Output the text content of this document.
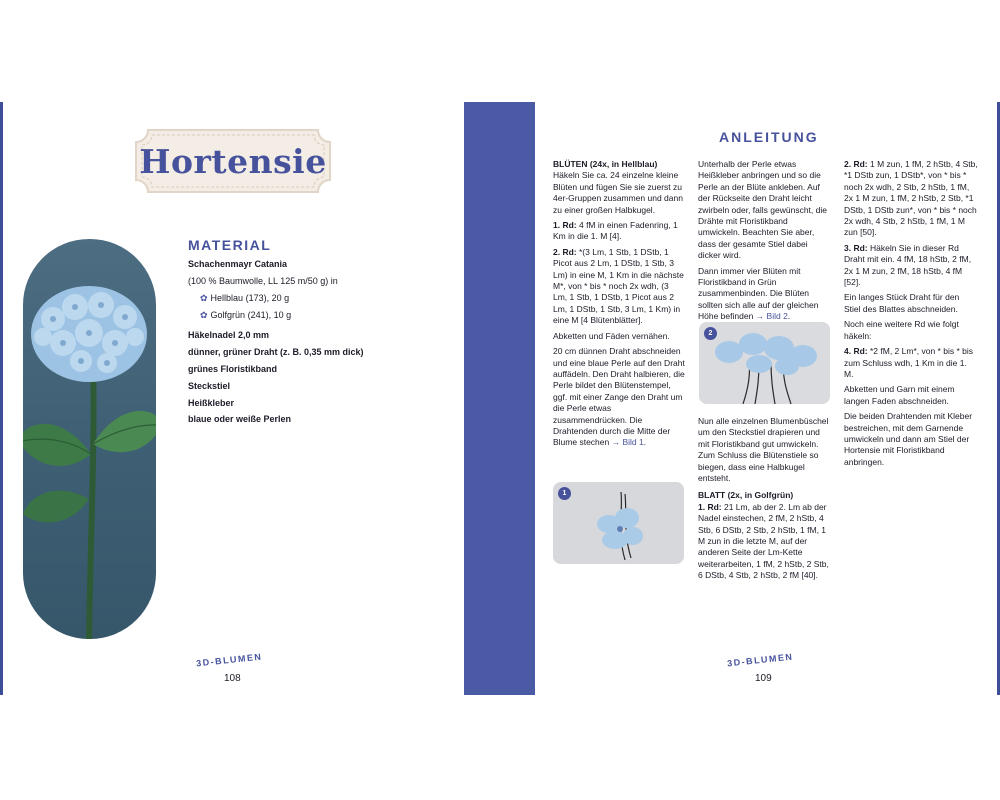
Hortensie
MATERIAL
Schachenmayr Catania
(100 % Baumwolle, LL 125 m/50 g) in
✿ Hellblau (173), 20 g
✿ Golfgrün (241), 10 g
Häkelnadel 2,0 mm
dünner, grüner Draht (z. B. 0,35 mm dick)
grünes Floristikband
Steckstiel
Heißkleber
blaue oder weiße Perlen
ANLEITUNG

BLÜTEN (24x, in Hellblau)

Häkeln Sie ca. 24 einzelne kleine Blüten und fügen Sie sie zuerst zu 4er-Gruppen zusammen und dann zu einer großen Halbkugel.

1. Rd: 4 fM in einen Fadenring, 1 Km in die 1. M [4].

2. Rd: *(3 Lm, 1 Stb, 1 DStb, 1 Picot aus 2 Lm, 1 DStb, 1 Stb, 3 Lm) in eine M, 1 Km in die nächste M*, von * bis * noch 2x wdh, (3 Lm, 1 Stb, 1 DStb, 1 Picot aus 2 Lm, 1 DStb, 1 Stb, 3 Lm, 1 Km) in eine M [4 Blütenblätter].

Abketten und Fäden vernähen.

20 cm dünnen Draht abschneiden und eine blaue Perle auf den Draht auffädeln. Den Draht halbieren, die Perle bildet den Blütenstempel, ggf. mit einer Zange den Draht um die Perle etwas zusammendrücken. Die Drahtenden durch die Mitte der Blume stechen → Bild 1.

1

Unterhalb der Perle etwas Heißkleber anbringen und so die Perle an der Blüte ankleben. Auf der Rückseite den Draht leicht zwirbeln oder, falls gewünscht, die Drähte mit Floristikband umwickeln. Beachten Sie aber, dass der gesamte Stiel dabei dicker wird.

Dann immer vier Blüten mit Floristikband in Grün zusammenbinden. Die Blüten sollten sich alle auf der gleichen Höhe befinden → Bild 2.

2

Nun alle einzelnen Blumenbüschel um den Steckstiel drapieren und mit Floristikband gut umwickeln. Zum Schluss die Blütenstiele so biegen, dass eine Halbkugel entsteht.

BLATT (2x, in Golfgrün)

1. Rd: 21 Lm, ab der 2. Lm ab der Nadel einstechen, 2 fM, 2 hStb, 4 Stb, 6 DStb, 2 Stb, 2 hStb, 1 fM, 1 M zun in die letzte M, auf der anderen Seite der Lm-Kette weiterarbeiten, 1 fM, 2 hStb, 2 Stb, 6 DStb, 4 Stb, 2 hStb, 2 fM [40].

2. Rd: 1 M zun, 1 fM, 2 hStb, 4 Stb, *1 DStb zun, 1 DStb*, von * bis * noch 2x wdh, 2 Stb, 2 hStb, 1 fM, 2x 1 M zun, 1 fM, 2 hStb, 2 Stb, *1 DStb, 1 DStb zun*, von * bis * noch 2x wdh, 4 Stb, 2 hStb, 1 fM, 1 M zun [50].

3. Rd: Häkeln Sie in dieser Rd Draht mit ein. 4 fM, 18 hStb, 2 fM, 2x 1 M zun, 2 fM, 18 hStb, 4 fM [52].

Ein langes Stück Draht für den Stiel des Blattes abschneiden.

Noch eine weitere Rd wie folgt häkeln:

4. Rd: *2 fM, 2 Lm*, von * bis * bis zum Schluss wdh, 1 Km in die 1. M.

Abketten und Garn mit einem langen Faden abschneiden.

Die beiden Drahtenden mit Kleber bestreichen, mit dem Garnende umwickeln und dann am Stiel der Hortensie mit Floristikband anbringen.

3D-BLUMEN
108
3D-BLUMEN
109
